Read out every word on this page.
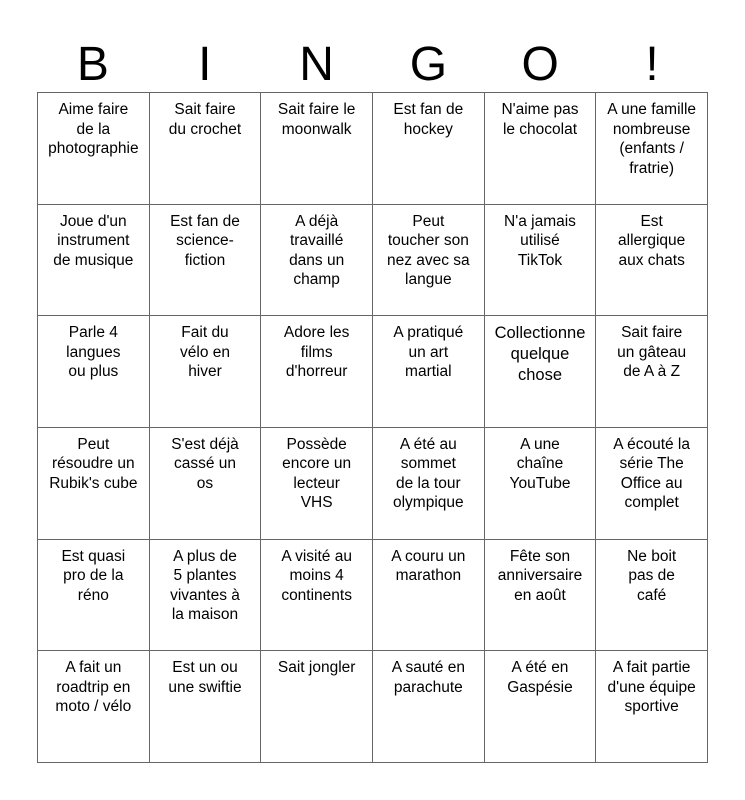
B	I	N	G	O	!
Aime faire
de la
photographie
Sait faire
du crochet
Sait faire le
moonwalk
Est fan de
hockey
N'aime pas
le chocolat
A une famille
nombreuse
(enfants /
fratrie)
Joue d'un
instrument
de musique
Est fan de
science-
fiction
A déjà
travaillé
dans un
champ
Peut
toucher son
nez avec sa
langue
N'a jamais
utilisé
TikTok
Est
allergique
aux chats
Parle 4
langues
ou plus
Fait du
vélo en
hiver
Adore les
films
d'horreur
A pratiqué
un art
martial
Collectionne
quelque
chose
Sait faire
un gâteau
de A à Z
Peut
résoudre un
Rubik's cube
S'est déjà
cassé un
os
Possède
encore un
lecteur
VHS
A été au
sommet
de la tour
olympique
A une
chaîne
YouTube
A écouté la
série The
Office au
complet
Est quasi
pro de la
réno
A plus de
5 plantes
vivantes à
la maison
A visité au
moins 4
continents
A couru un
marathon
Fête son
anniversaire
en août
Ne boit
pas de
café
A fait un
roadtrip en
moto / vélo
Est un ou
une swiftie
Sait jongler A sauté en
parachute
A été en
Gaspésie
A fait partie
d'une équipe
sportive
